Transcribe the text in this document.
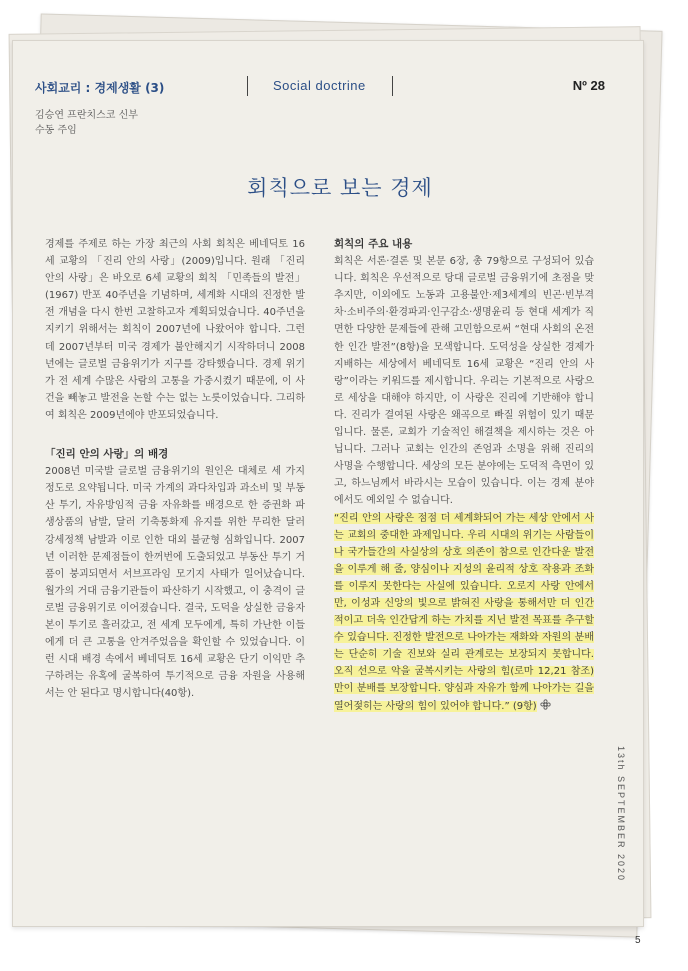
사회교리 : 경제생활 (3)	Social doctrine	Nº 28
김승연 프란치스코 신부
수동 주임
회칙으로 보는 경제

경제를 주제로 하는 가장 최근의 사회 회칙은 베네딕토 16세 교황의 「진리 안의 사랑」(2009)입니다. 원래 「진리 안의 사랑」은 바오로 6세 교황의 회칙 「민족들의 발전」(1967) 반포 40주년을 기념하며, 세계화 시대의 진정한 발전 개념을 다시 한번 고찰하고자 계획되었습니다. 40주년을 지키기 위해서는 회칙이 2007년에 나왔어야 합니다. 그런데 2007년부터 미국 경제가 불안해지기 시작하더니 2008년에는 글로벌 금융위기가 지구를 강타했습니다. 경제 위기가 전 세계 수많은 사람의 고통을 가중시켰기 때문에, 이 사건을 빼놓고 발전을 논할 수는 없는 노릇이었습니다. 그리하여 회칙은 2009년에야 반포되었습니다.

「진리 안의 사랑」의 배경

2008년 미국발 글로벌 금융위기의 원인은 대체로 세 가지 정도로 요약됩니다. 미국 가계의 과다차입과 과소비 및 부동산 투기, 자유방임적 금융 자유화를 배경으로 한 증권화 파생상품의 남발, 달러 기축통화제 유지를 위한 무리한 달러 강세정책 남발과 이로 인한 대외 불균형 심화입니다. 2007년 이러한 문제점들이 한꺼번에 도출되었고 부동산 투기 거품이 붕괴되면서 서브프라임 모기지 사태가 일어났습니다. 월가의 거대 금융기관들이 파산하기 시작했고, 이 충격이 글로벌 금융위기로 이어졌습니다. 결국, 도덕을 상실한 금융자본이 투기로 흘러갔고, 전 세계 모두에게, 특히 가난한 이들에게 더 큰 고통을 안겨주었음을 확인할 수 있었습니다. 이런 시대 배경 속에서 베네딕토 16세 교황은 단기 이익만 추구하려는 유혹에 굴복하여 투기적으로 금융 자원을 사용해서는 안 된다고 명시합니다(40항).

회칙의 주요 내용

회칙은 서론·결론 및 본문 6장, 총 79항으로 구성되어 있습니다. 회칙은 우선적으로 당대 글로벌 금융위기에 초점을 맞추지만, 이외에도 노동과 고용불안·제3세계의 빈곤·빈부격차·소비주의·환경파괴·인구감소·생명윤리 등 현대 세계가 직면한 다양한 문제들에 관해 고민함으로써 “현대 사회의 온전한 인간 발전”(8항)을 모색합니다. 도덕성을 상실한 경제가 지배하는 세상에서 베네딕토 16세 교황은 “진리 안의 사랑”이라는 키워드를 제시합니다. 우리는 기본적으로 사랑으로 세상을 대해야 하지만, 이 사랑은 진리에 기반해야 합니다. 진리가 결여된 사랑은 왜곡으로 빠질 위험이 있기 때문입니다. 물론, 교회가 기술적인 해결책을 제시하는 것은 아닙니다. 그러나 교회는 인간의 존엄과 소명을 위해 진리의 사명을 수행합니다. 세상의 모든 분야에는 도덕적 측면이 있고, 하느님께서 바라시는 모습이 있습니다. 이는 경제 분야에서도 예외일 수 없습니다.

“진리 안의 사랑은 점점 더 세계화되어 가는 세상 안에서 사는 교회의 중대한 과제입니다. 우리 시대의 위기는 사람들이나 국가들간의 사실상의 상호 의존이 참으로 인간다운 발전을 이루게 해 줄, 양심이나 지성의 윤리적 상호 작용과 조화를 이루지 못한다는 사실에 있습니다. 오로지 사랑 안에서만, 이성과 신앙의 빛으로 밝혀진 사랑을 통해서만 더 인간적이고 더욱 인간답게 하는 가치를 지닌 발전 목표를 추구할 수 있습니다. 진정한 발전으로 나아가는 재화와 자원의 분배는 단순히 기술 진보와 실리 관계로는 보장되지 못합니다. 오직 선으로 악을 굴복시키는 사랑의 힘(로마 12,21 참조)만이 분배를 보장합니다. 양심과 자유가 함께 나아가는 길을 열어젖히는 사랑의 힘이 있어야 합니다.” (9항)

13th SEPTEMBER 2020
5
